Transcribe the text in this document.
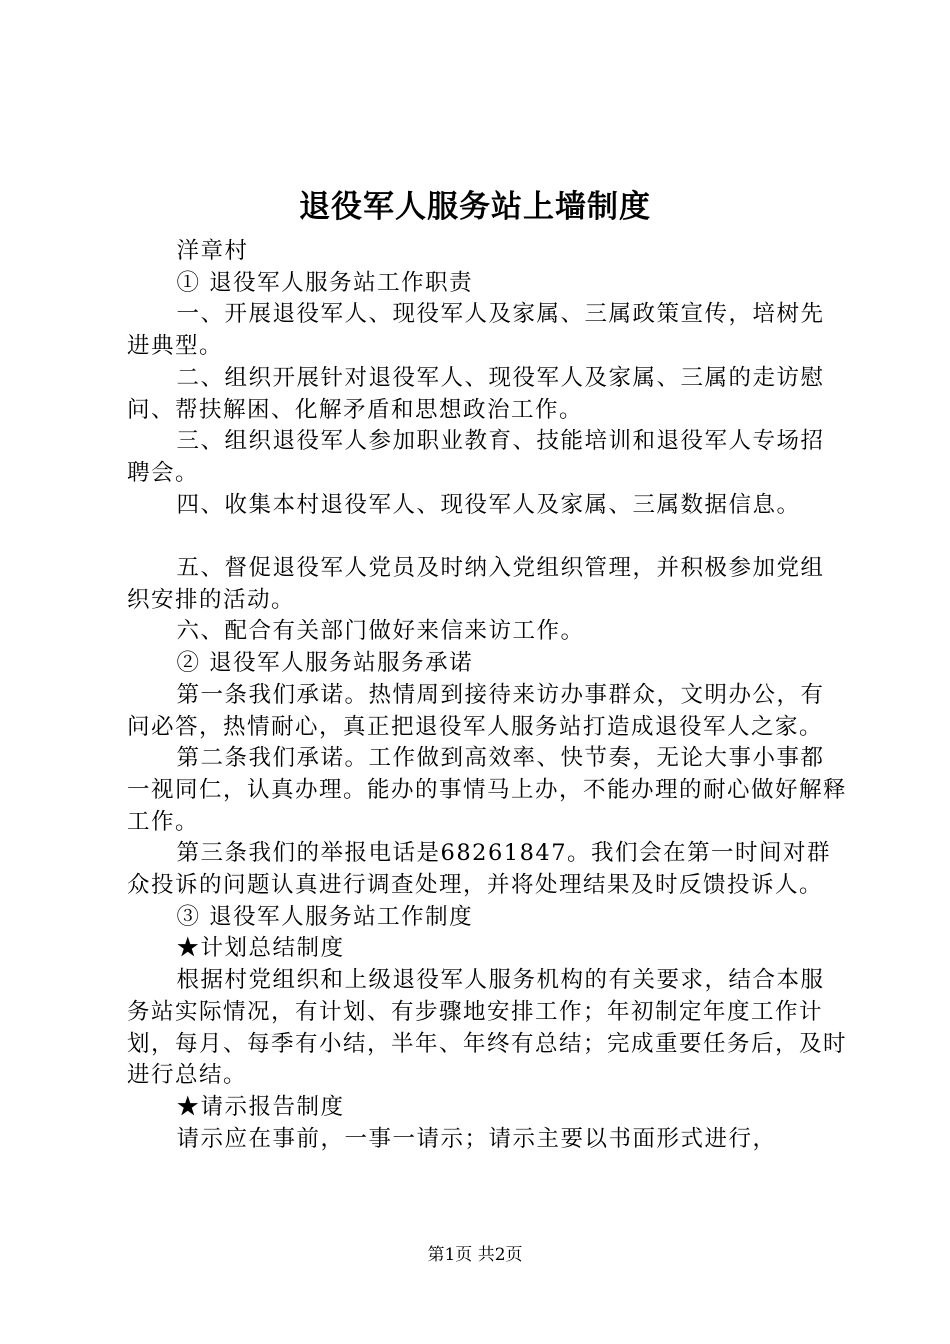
退役军人服务站上墙制度

洋章村

① 退役军人服务站工作职责

一、开展退役军人、现役军人及家属、三属政策宣传，培树先进典型。

二、组织开展针对退役军人、现役军人及家属、三属的走访慰问、帮扶解困、化解矛盾和思想政治工作。

三、组织退役军人参加职业教育、技能培训和退役军人专场招聘会。

四、收集本村退役军人、现役军人及家属、三属数据信息。

五、督促退役军人党员及时纳入党组织管理，并积极参加党组织安排的活动。

六、配合有关部门做好来信来访工作。

② 退役军人服务站服务承诺

第一条我们承诺。热情周到接待来访办事群众，文明办公，有问必答，热情耐心，真正把退役军人服务站打造成退役军人之家。

第二条我们承诺。工作做到高效率、快节奏，无论大事小事都一视同仁，认真办理。能办的事情马上办，不能办理的耐心做好解释工作。

第三条我们的举报电话是68261847。我们会在第一时间对群众投诉的问题认真进行调查处理，并将处理结果及时反馈投诉人。

③ 退役军人服务站工作制度

★计划总结制度

根据村党组织和上级退役军人服务机构的有关要求，结合本服务站实际情况，有计划、有步骤地安排工作；年初制定年度工作计划，每月、每季有小结，半年、年终有总结；完成重要任务后，及时进行总结。

★请示报告制度

请示应在事前，一事一请示；请示主要以书面形式进行，

第1页 共2页
